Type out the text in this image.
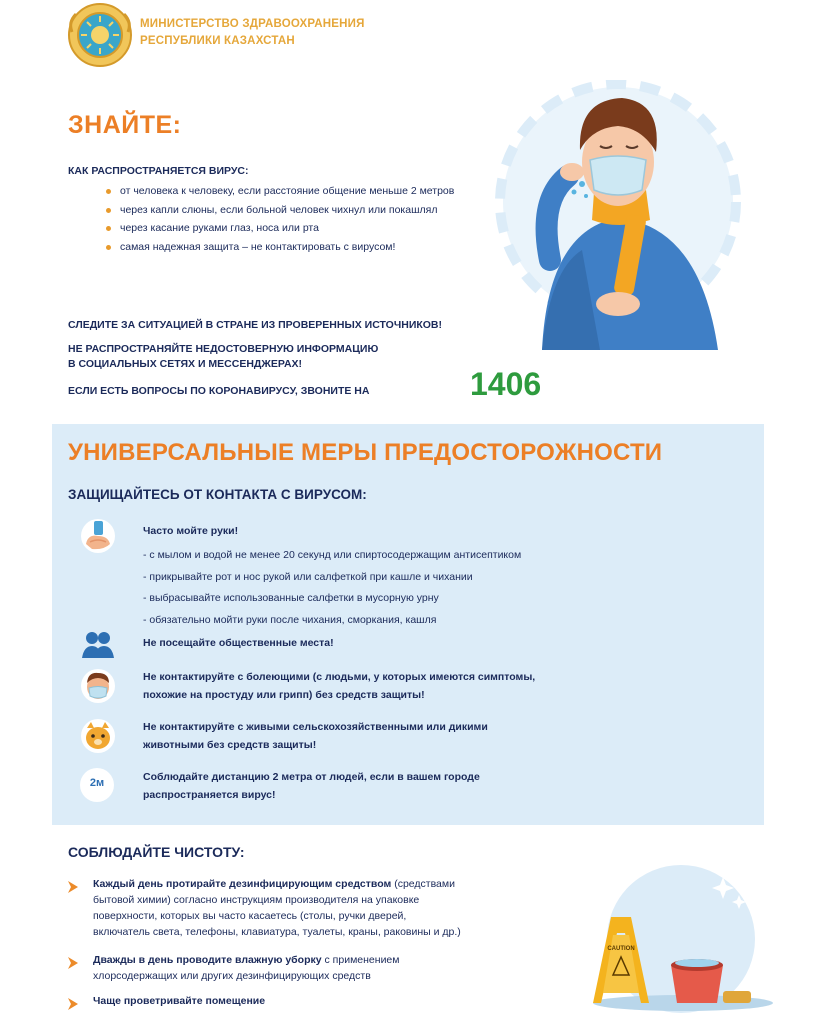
МИНИСТЕРСТВО ЗДРАВООХРАНЕНИЯ
РЕСПУБЛИКИ КАЗАХСТАН
ЗНАЙТЕ:
КАК РАСПРОСТРАНЯЕТСЯ ВИРУС:
от человека к человеку, если расстояние общение меньше 2 метров
через капли слюны, если больной человек чихнул или покашлял
через касание руками глаз, носа или рта
самая надежная защита – не контактировать с вирусом!
СЛЕДИТЕ ЗА СИТУАЦИЕЙ В СТРАНЕ ИЗ ПРОВЕРЕННЫХ ИСТОЧНИКОВ!
НЕ РАСПРОСТРАНЯЙТЕ НЕДОСТОВЕРНУЮ ИНФОРМАЦИЮ
В СОЦИАЛЬНЫХ СЕТЯХ И МЕССЕНДЖЕРАХ!
ЕСЛИ ЕСТЬ ВОПРОСЫ ПО КОРОНАВИРУСУ, ЗВОНИТЕ НА	1406
УНИВЕРСАЛЬНЫЕ МЕРЫ ПРЕДОСТОРОЖНОСТИ
ЗАЩИЩАЙТЕСЬ ОТ КОНТАКТА С ВИРУСОМ:
Часто мойте руки!
- с мылом и водой не менее 20 секунд или спиртосодержащим антисептиком
- прикрывайте рот и нос рукой или салфеткой при кашле и чихании
- выбрасывайте использованные салфетки в мусорную урну
- обязательно мойти руки после чихания, сморкания, кашля
Не посещайте общественные места!
Не контактируйте с болеющими (с людьми, у которых имеются симптомы,
похожие на простуду или грипп) без средств защиты!
Не контактируйте с живыми сельскохозяйственными или дикими
животными без средств защиты!
2м	Соблюдайте дистанцию 2 метра от людей, если в вашем городе
распространяется вирус!
СОБЛЮДАЙТЕ ЧИСТОТУ:
Каждый день протирайте дезинфицирующим средством (средствами
бытовой химии) согласно инструкциям производителя на упаковке
поверхности, которых вы часто касаетесь (столы, ручки дверей,
включатель света, телефоны, клавиатура, туалеты, краны, раковины и др.)
Дважды в день проводите влажную уборку с применением
хлорсодержащих или других дезинфицирующих средств
Чаще проветривайте помещение
CAUTION
